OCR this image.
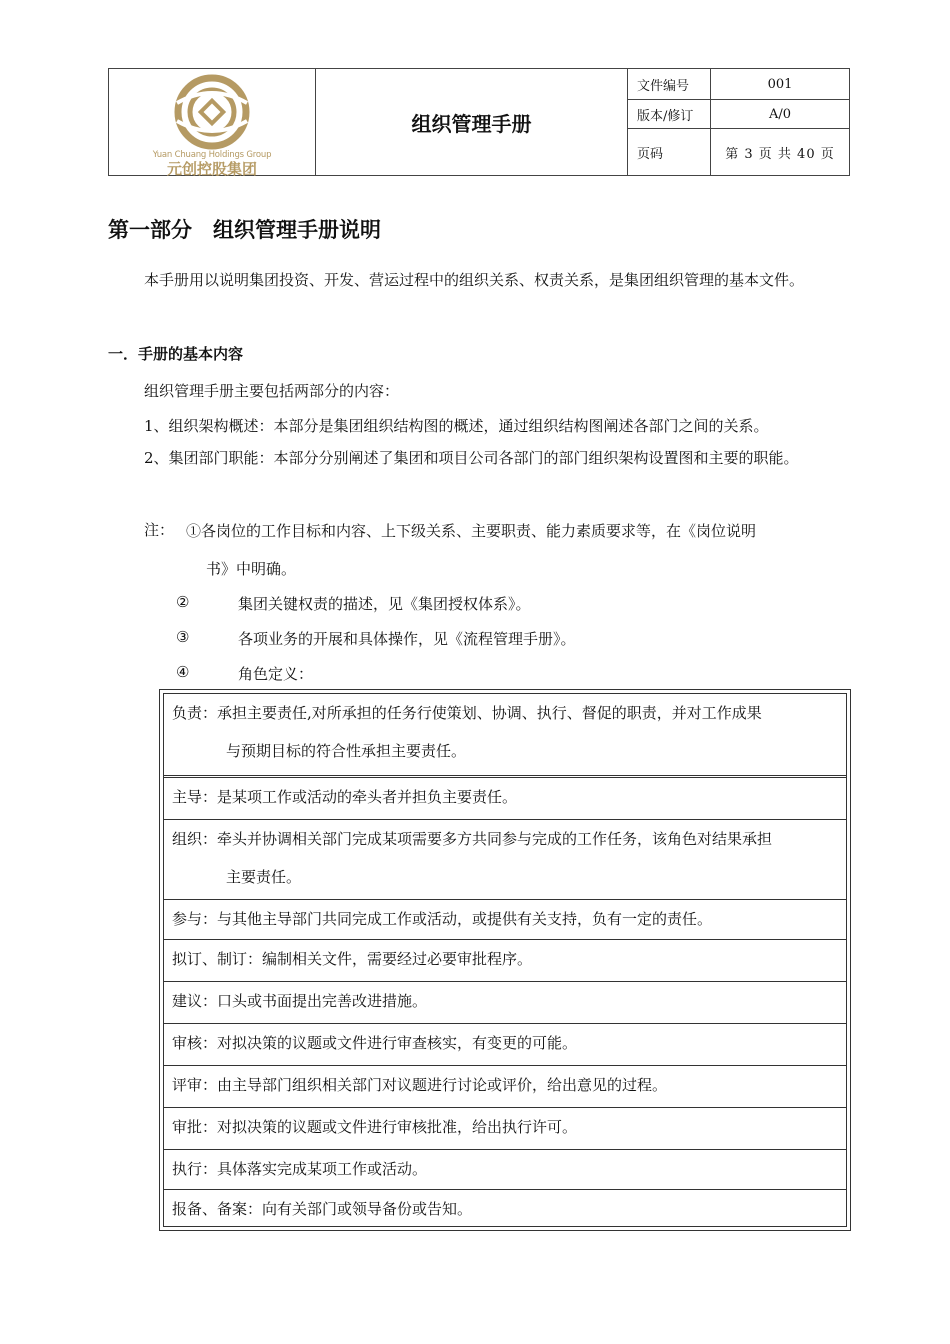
Yuan Chuang Holdings Group
元创控股集团
组织管理手册
文件编号	001
版本/修订	A/0
页码	第 3 页 共 40 页
第一部分　组织管理手册说明
本手册用以说明集团投资、开发、营运过程中的组织关系、权责关系，是集团组织管理的基本文件。
一．手册的基本内容
组织管理手册主要包括两部分的内容：
1、组织架构概述：本部分是集团组织结构图的概述，通过组织结构图阐述各部门之间的关系。
2、集团部门职能：本部分分别阐述了集团和项目公司各部门的部门组织架构设置图和主要的职能。
注： ①各岗位的工作目标和内容、上下级关系、主要职责、能力素质要求等，在《岗位说明
书》中明确。
②	集团关键权责的描述，见《集团授权体系》。
③	各项业务的开展和具体操作，见《流程管理手册》。
④	角色定义：
负责：承担主要责任,对所承担的任务行使策划、协调、执行、督促的职责，并对工作成果
与预期目标的符合性承担主要责任。
主导：是某项工作或活动的牵头者并担负主要责任。
组织：牵头并协调相关部门完成某项需要多方共同参与完成的工作任务，该角色对结果承担
主要责任。
参与：与其他主导部门共同完成工作或活动，或提供有关支持，负有一定的责任。
拟订、制订：编制相关文件，需要经过必要审批程序。
建议：口头或书面提出完善改进措施。
审核：对拟决策的议题或文件进行审查核实，有变更的可能。
评审：由主导部门组织相关部门对议题进行讨论或评价，给出意见的过程。
审批：对拟决策的议题或文件进行审核批准，给出执行许可。
执行：具体落实完成某项工作或活动。
报备、备案：向有关部门或领导备份或告知。
